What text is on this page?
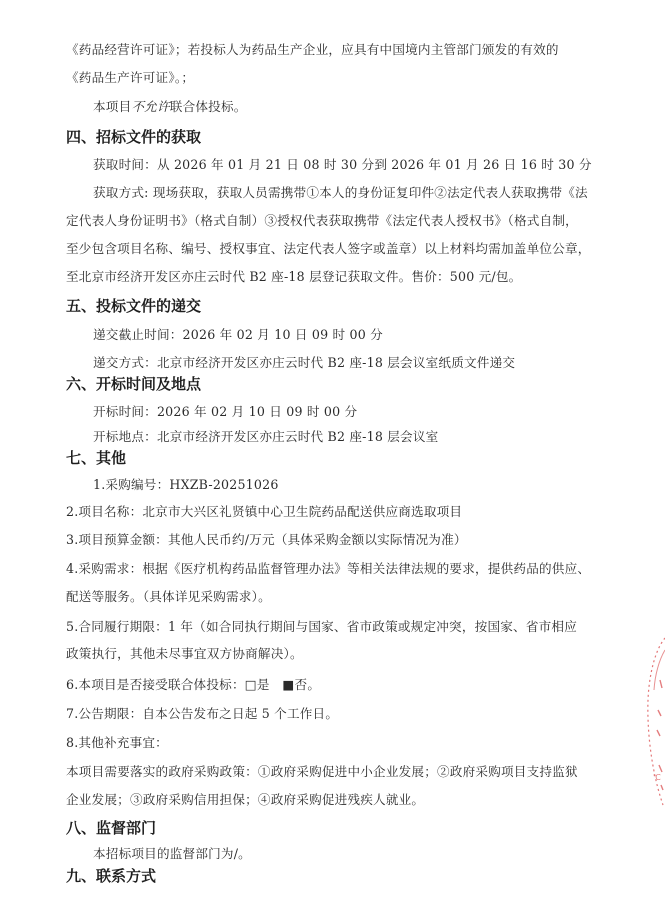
《药品经营许可证》；若投标人为药品生产企业，应具有中国境内主管部门颁发的有效的
《药品生产许可证》。；
本项目不允许联合体投标。
四、招标文件的获取
获取时间：从 2026 年 01 月 21 日 08 时 30 分到 2026 年 01 月 26 日 16 时 30 分
获取方式: 现场获取，获取人员需携带①本人的身份证复印件②法定代表人获取携带《法
定代表人身份证明书》（格式自制）③授权代表获取携带《法定代表人授权书》（格式自制，
至少包含项目名称、编号、授权事宜、法定代表人签字或盖章）以上材料均需加盖单位公章，
至北京市经济开发区亦庄云时代 B2 座-18 层登记获取文件。售价：500 元/包。
五、投标文件的递交
递交截止时间：2026 年 02 月 10 日 09 时 00 分
递交方式：北京市经济开发区亦庄云时代 B2 座-18 层会议室纸质文件递交
六、开标时间及地点
开标时间：2026 年 02 月 10 日 09 时 00 分
开标地点：北京市经济开发区亦庄云时代 B2 座-18 层会议室
七、其他
1.采购编号：HXZB-20251026
2.项目名称：北京市大兴区礼贤镇中心卫生院药品配送供应商选取项目
3.项目预算金额：其他人民币约/万元（具体采购金额以实际情况为准）
4.采购需求：根据《医疗机构药品监督管理办法》等相关法律法规的要求，提供药品的供应、
配送等服务。（具体详见采购需求）。
5.合同履行期限：1 年（如合同执行期间与国家、省市政策或规定冲突，按国家、省市相应
政策执行，其他未尽事宜双方协商解决）。
6.本项目是否接受联合体投标：□是　■否。
7.公告期限：自本公告发布之日起 5 个工作日。
8.其他补充事宜：
本项目需要落实的政府采购政策：①政府采购促进中小企业发展；②政府采购项目支持监狱
企业发展；③政府采购信用担保；④政府采购促进残疾人就业。
八、监督部门
本招标项目的监督部门为/。
九、联系方式
'C
